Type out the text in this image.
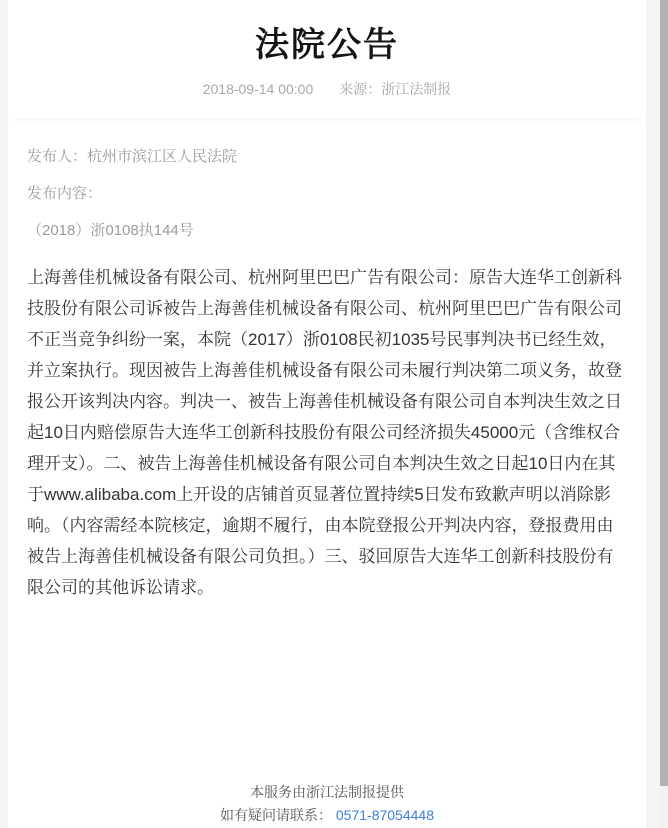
法院公告
2018-09-14 00:00 来源：浙江法制报

发布人：杭州市滨江区人民法院

发布内容：

（2018）浙0108执144号

上海善佳机械设备有限公司、杭州阿里巴巴广告有限公司：原告大连华工创新科技股份有限公司诉被告上海善佳机械设备有限公司、杭州阿里巴巴广告有限公司不正当竞争纠纷一案，本院（2017）浙0108民初1035号民事判决书已经生效，并立案执行。现因被告上海善佳机械设备有限公司未履行判决第二项义务，故登报公开该判决内容。判决一、被告上海善佳机械设备有限公司自本判决生效之日起10日内赔偿原告大连华工创新科技股份有限公司经济损失45000元（含维权合理开支）。二、被告上海善佳机械设备有限公司自本判决生效之日起10日内在其于www.alibaba.com上开设的店铺首页显著位置持续5日发布致歉声明以消除影响。（内容需经本院核定，逾期不履行，由本院登报公开判决内容，登报费用由被告上海善佳机械设备有限公司负担。）三、驳回原告大连华工创新科技股份有限公司的其他诉讼请求。

本服务由浙江法制报提供

如有疑问请联系： 0571-87054448
